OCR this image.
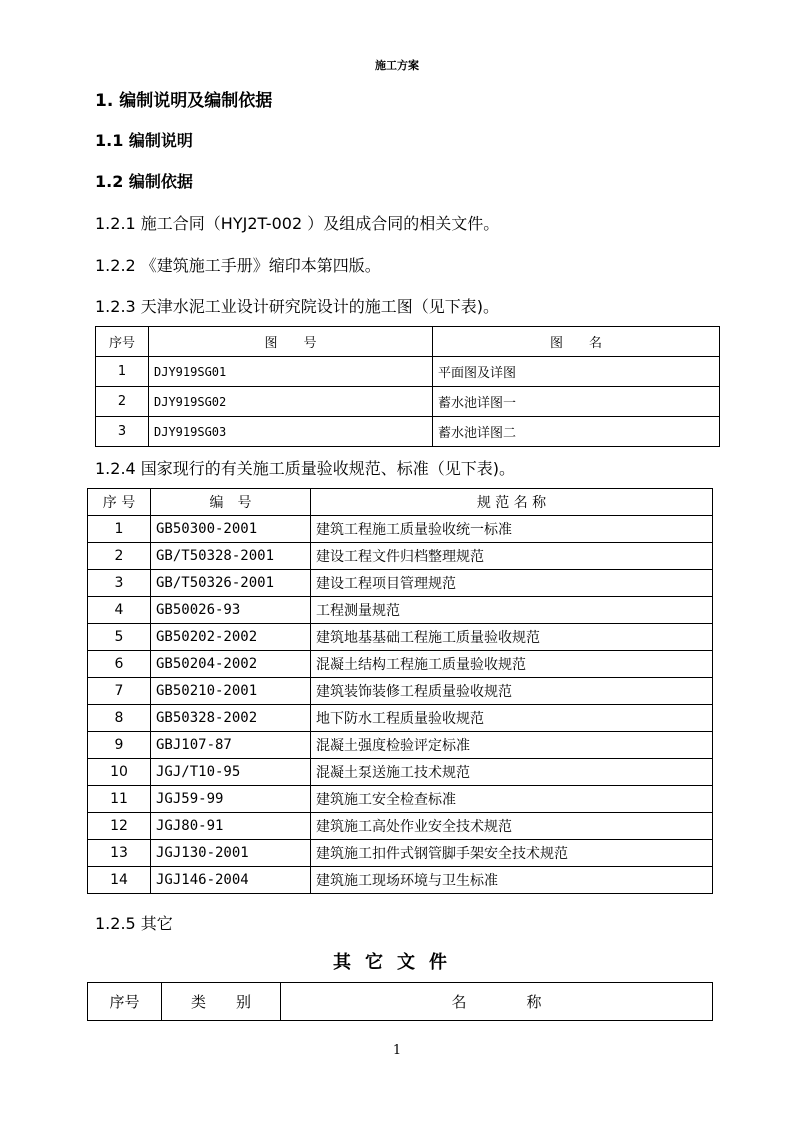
施工方案
1. 编制说明及编制依据
1.1 编制说明
1.2 编制依据
1.2.1 施工合同（HYJ2T-002 ）及组成合同的相关文件。
1.2.2 《建筑施工手册》缩印本第四版。
1.2.3 天津水泥工业设计研究院设计的施工图（见下表)。
序号	图　　号	图　　名
1	DJY919SG01	平面图及详图
2	DJY919SG02	蓄水池详图一
3	DJY919SG03	蓄水池详图二
1.2.4 国家现行的有关施工质量验收规范、标准（见下表)。
序 号	编　号	规 范 名 称
1	GB50300-2001	建筑工程施工质量验收统一标准
2	GB/T50328-2001	建设工程文件归档整理规范
3	GB/T50326-2001	建设工程项目管理规范
4	GB50026-93	工程测量规范
5	GB50202-2002	建筑地基基础工程施工质量验收规范
6	GB50204-2002	混凝土结构工程施工质量验收规范
7	GB50210-2001	建筑装饰装修工程质量验收规范
8	GB50328-2002	地下防水工程质量验收规范
9	GBJ107-87	混凝土强度检验评定标准
10	JGJ/T10-95	混凝土泵送施工技术规范
11	JGJ59-99	建筑施工安全检查标准
12	JGJ80-91	建筑施工高处作业安全技术规范
13	JGJ130-2001	建筑施工扣件式钢管脚手架安全技术规范
14	JGJ146-2004	建筑施工现场环境与卫生标准
1.2.5 其它
其它文件
序号	类　　别	名　　　　称
1
